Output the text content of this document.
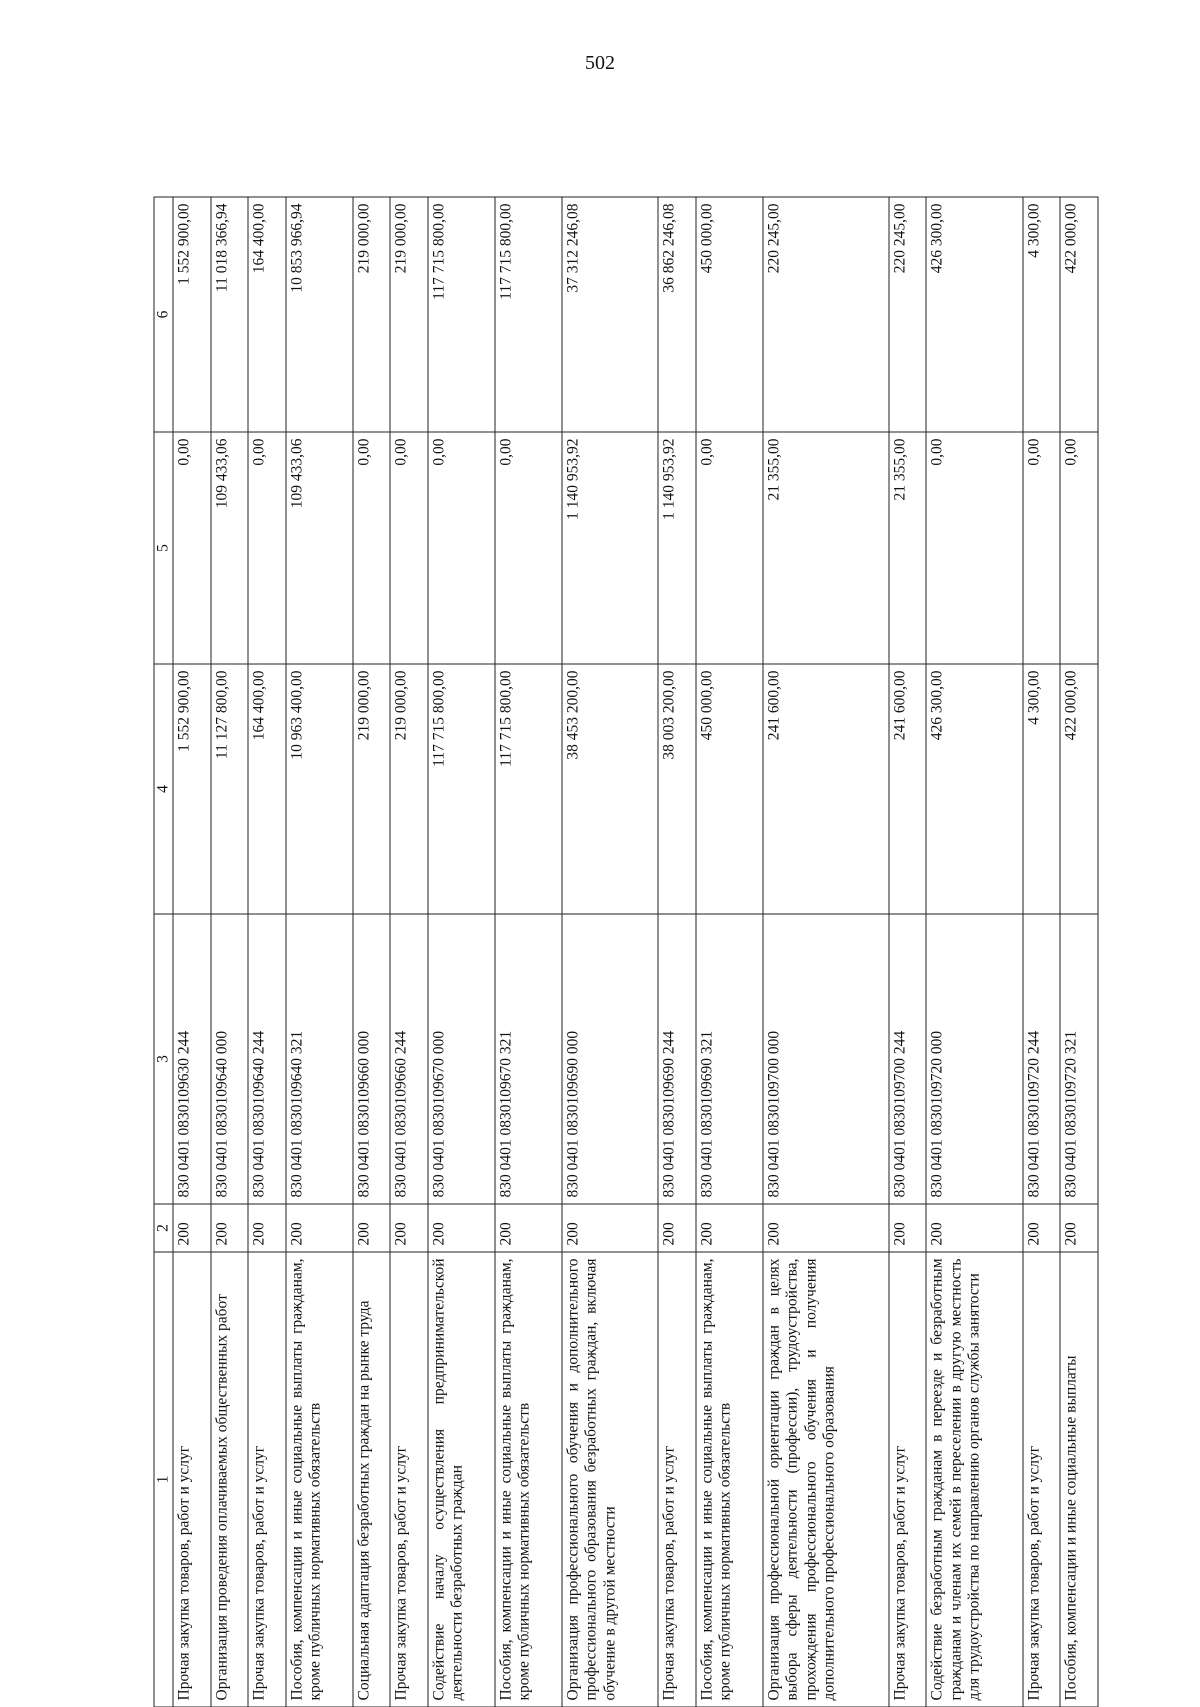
502
1	2	3	4	5	6
Прочая закупка товаров, работ и услуг	200	830 0401 0830109630 244	1 552 900,00	0,00	1 552 900,00
Организация проведения оплачиваемых общественных работ	200	830 0401 0830109640 000	11 127 800,00	109 433,06	11 018 366,94
Прочая закупка товаров, работ и услуг	200	830 0401 0830109640 244	164 400,00	0,00	164 400,00
Пособия, компенсации и иные социальные выплаты гражданам, кроме публичных нормативных обязательств	200	830 0401 0830109640 321	10 963 400,00	109 433,06	10 853 966,94
Социальная адаптация безработных граждан на рынке труда	200	830 0401 0830109660 000	219 000,00	0,00	219 000,00
Прочая закупка товаров, работ и услуг	200	830 0401 0830109660 244	219 000,00	0,00	219 000,00
Содействие началу осуществления предпринимательской деятельности безработных граждан	200	830 0401 0830109670 000	117 715 800,00	0,00	117 715 800,00
Пособия, компенсации и иные социальные выплаты гражданам, кроме публичных нормативных обязательств	200	830 0401 0830109670 321	117 715 800,00	0,00	117 715 800,00
Организация профессионального обучения и дополнительного профессионального образования безработных граждан, включая обучение в другой местности	200	830 0401 0830109690 000	38 453 200,00	1 140 953,92	37 312 246,08
Прочая закупка товаров, работ и услуг	200	830 0401 0830109690 244	38 003 200,00	1 140 953,92	36 862 246,08
Пособия, компенсации и иные социальные выплаты гражданам, кроме публичных нормативных обязательств	200	830 0401 0830109690 321	450 000,00	0,00	450 000,00
Организация профессиональной ориентации граждан в целях выбора сферы деятельности (профессии), трудоустройства, прохождения профессионального обучения и получения дополнительного профессионального образования	200	830 0401 0830109700 000	241 600,00	21 355,00	220 245,00
Прочая закупка товаров, работ и услуг	200	830 0401 0830109700 244	241 600,00	21 355,00	220 245,00
Содействие безработным гражданам в переезде и безработным гражданам и членам их семей в переселении в другую местность для трудоустройства по направлению органов службы занятости	200	830 0401 0830109720 000	426 300,00	0,00	426 300,00
Прочая закупка товаров, работ и услуг	200	830 0401 0830109720 244	4 300,00	0,00	4 300,00
Пособия, компенсации и иные социальные выплаты	200	830 0401 0830109720 321	422 000,00	0,00	422 000,00
